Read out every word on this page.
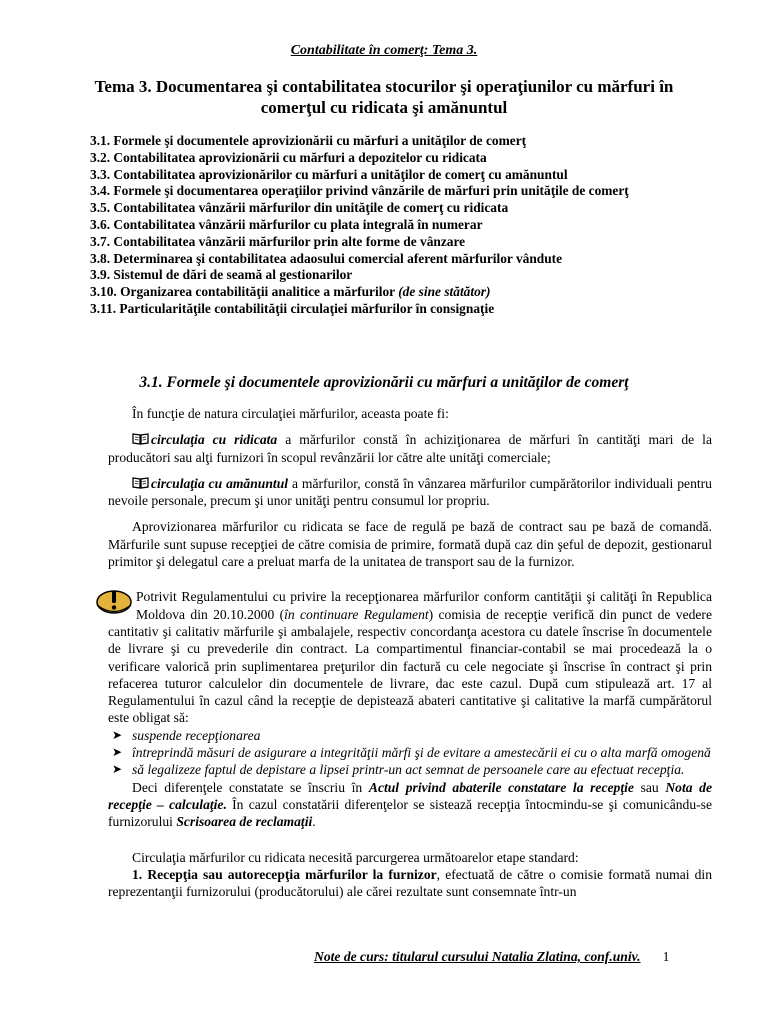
Contabilitate în comerţ: Tema 3.
Tema 3. Documentarea şi contabilitatea stocurilor şi operaţiunilor cu mărfuri în comerţul cu ridicata şi amănuntul
3.1. Formele şi documentele aprovizionării cu mărfuri a unităţilor de comerţ
3.2. Contabilitatea aprovizionării cu mărfuri a depozitelor cu ridicata
3.3. Contabilitatea aprovizionărilor cu mărfuri a unităţilor de comerţ cu amănuntul
3.4. Formele şi documentarea operaţiilor privind vânzările de mărfuri prin unităţile de comerţ
3.5. Contabilitatea vânzării mărfurilor din unităţile de comerţ cu ridicata
3.6. Contabilitatea vânzării mărfurilor cu plata integrală în numerar
3.7. Contabilitatea vânzării mărfurilor prin alte forme de vânzare
3.8. Determinarea şi contabilitatea adaosului comercial aferent mărfurilor vândute
3.9. Sistemul de dări de seamă al gestionarilor
3.10. Organizarea contabilităţii analitice a mărfurilor (de sine stătător)
3.11. Particularităţile contabilităţii circulaţiei mărfurilor în consignaţie
3.1. Formele şi documentele aprovizionării cu mărfuri a unităţilor de comerţ

În funcţie de natura circulaţiei mărfurilor, aceasta poate fi:

circulaţia cu ridicata a mărfurilor constă în achiziţionarea de mărfuri în cantităţi mari de la producători sau alţi furnizori în scopul revânzării lor către alte unităţi comerciale;

circulaţia cu amănuntul a mărfurilor, constă în vânzarea mărfurilor cumpărătorilor individuali pentru nevoile personale, precum şi unor unităţi pentru consumul lor propriu.

Aprovizionarea mărfurilor cu ridicata se face de regulă pe bază de contract sau pe bază de comandă. Mărfurile sunt supuse recepţiei de către comisia de primire, formată după caz din şeful de depozit, gestionarul primitor şi delegatul care a preluat marfa de la unitatea de transport sau de la furnizor.

Potrivit Regulamentului cu privire la recepţionarea mărfurilor conform cantităţii şi calităţi în Republica Moldova din 20.10.2000 (în continuare Regulament) comisia de recepţie verifică din punct de vedere cantitativ şi calitativ mărfurile şi ambalajele, respectiv concordanţa acestora cu datele înscrise în documentele de livrare şi cu prevederile din contract. La compartimentul financiar-contabil se mai procedează la o verificare valorică prin suplimentarea preţurilor din factură cu cele negociate şi înscrise în contract şi prin refacerea tuturor calculelor din documentele de livrare, dac este cazul. După cum stipulează art. 17 al Regulamentului în cazul când la recepţie de depistează abateri cantitative şi calitative la marfă cumpărătorul este obligat să:

➤ suspende recepţionarea
➤ întreprindă măsuri de asigurare a integrităţii mărfi şi de evitare a amestecării ei cu o alta marfă omogenă
➤ să legalizeze faptul de depistare a lipsei printr-un act semnat de persoanele care au efectuat recepţia.

Deci diferenţele constatate se înscriu în Actul privind abaterile constatare la recepţie sau Nota de recepţie – calculaţie. În cazul constatării diferenţelor se sistează recepţia întocmindu-se şi comunicându-se furnizorului Scrisoarea de reclamaţii.

Circulaţia mărfurilor cu ridicata necesită parcurgerea următoarelor etape standard:

1. Recepţia sau autorecepţia mărfurilor la furnizor, efectuată de către o comisie formată numai din reprezentanţii furnizorului (producătorului) ale cărei rezultate sunt consemnate într-un

Note de curs: titularul cursului Natalia Zlatina, conf.univ. 1
